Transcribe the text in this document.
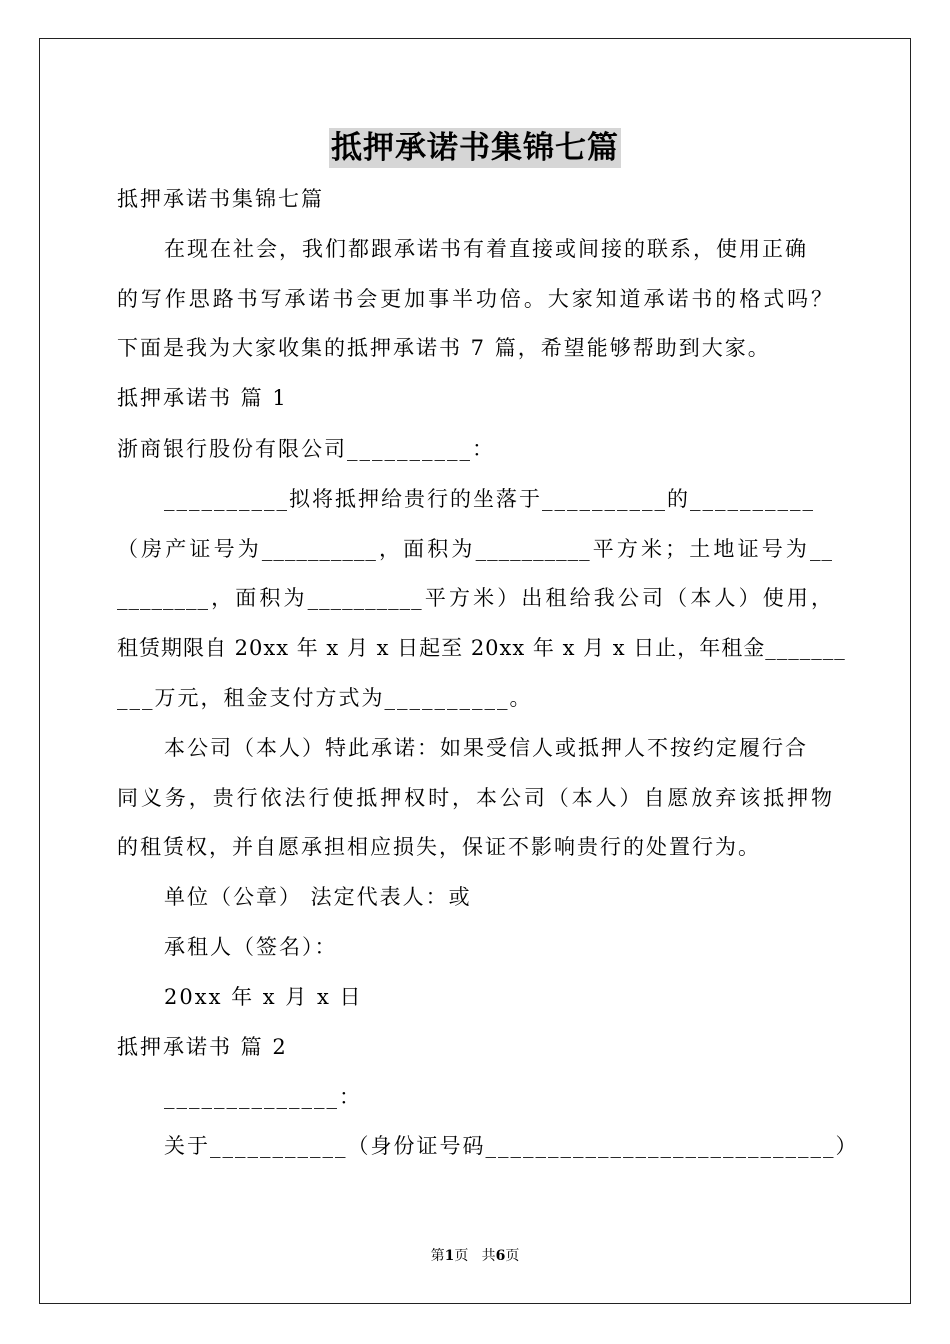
抵押承诺书集锦七篇
抵押承诺书集锦七篇
在现在社会，我们都跟承诺书有着直接或间接的联系，使用正确
的写作思路书写承诺书会更加事半功倍。大家知道承诺书的格式吗？
下面是我为大家收集的抵押承诺书 7 篇，希望能够帮助到大家。
抵押承诺书 篇 1
浙商银行股份有限公司__________：
__________拟将抵押给贵行的坐落于__________的__________
（房产证号为__________，面积为__________平方米；土地证号为__
________，面积为__________平方米）出租给我公司（本人）使用，
租赁期限自 20xx 年 x 月 x 日起至 20xx 年 x 月 x 日止，年租金_______
___万元，租金支付方式为__________。
本公司（本人）特此承诺：如果受信人或抵押人不按约定履行合
同义务，贵行依法行使抵押权时，本公司（本人）自愿放弃该抵押物
的租赁权，并自愿承担相应损失，保证不影响贵行的处置行为。
单位（公章） 法定代表人：或
承租人（签名）：
20xx 年 x 月 x 日
抵押承诺书 篇 2
______________：
关于___________（身份证号码____________________________）
第1页 共6页
